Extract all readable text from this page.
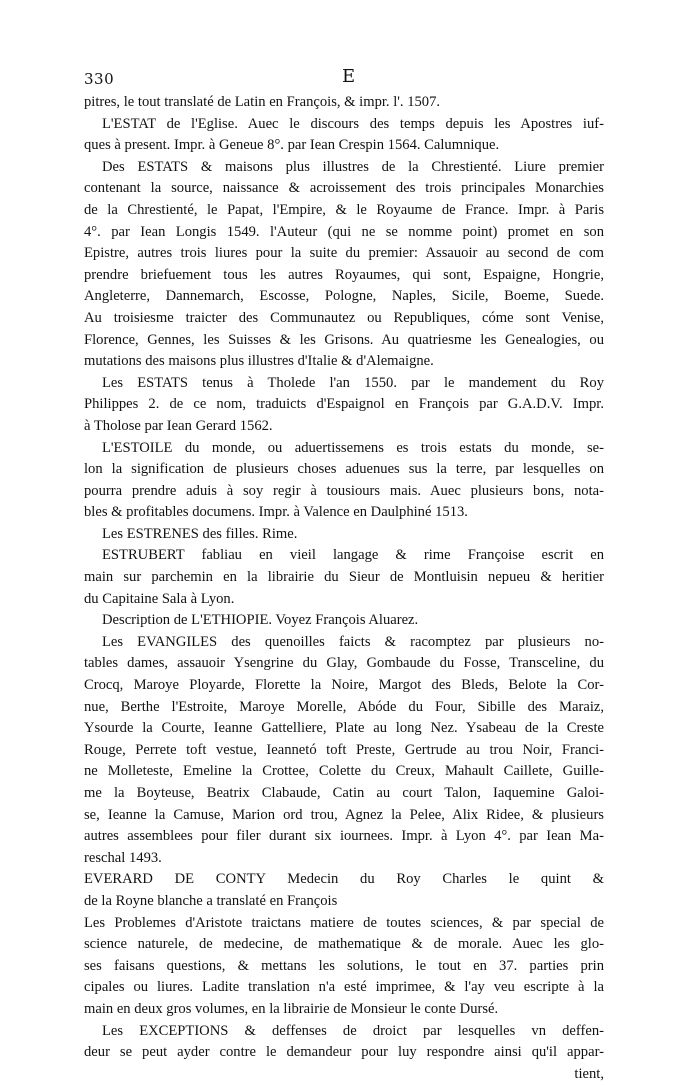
330	E
pitres, le tout translaté de Latin en François, & impr. l'. 1507.
L'ESTAT de l'Eglise. Auec le discours des temps depuis les Apostres iuf-
ques à present. Impr. à Geneue 8°. par Iean Crespin 1564. Calumnique.
Des ESTATS & maisons plus illustres de la Chrestienté. Liure premier
contenant la source, naissance & acroissement des trois principales Monarchies
de la Chrestienté, le Papat, l'Empire, & le Royaume de France. Impr. à Paris
4°. par Iean Longis 1549. l'Auteur (qui ne se nomme point) promet en son
Epistre, autres trois liures pour la suite du premier: Assauoir au second de com
prendre briefuement tous les autres Royaumes, qui sont, Espaigne, Hongrie,
Angleterre, Dannemarch, Escosse, Pologne, Naples, Sicile, Boeme, Suede.
Au troisiesme traicter des Communautez ou Republiques, cóme sont Venise,
Florence, Gennes, les Suisses & les Grisons. Au quatriesme les Genealogies, ou
mutations des maisons plus illustres d'Italie & d'Alemaigne.
Les ESTATS tenus à Tholede l'an 1550. par le mandement du Roy
Philippes 2. de ce nom, traduicts d'Espaignol en François par G.A.D.V. Impr.
à Tholose par Iean Gerard 1562.
L'ESTOILE du monde, ou aduertissemens es trois estats du monde, se-
lon la signification de plusieurs choses aduenues sus la terre, par lesquelles on
pourra prendre aduis à soy regir à tousiours mais. Auec plusieurs bons, nota-
bles & profitables documens. Impr. à Valence en Daulphiné 1513.
Les ESTRENES des filles. Rime.
ESTRUBERT fabliau en vieil langage & rime Françoise escrit en
main sur parchemin en la librairie du Sieur de Montluisin nepueu & heritier
du Capitaine Sala à Lyon.
Description de L'ETHIOPIE. Voyez François Aluarez.
Les EVANGILES des quenoilles faicts & racomptez par plusieurs no-
tables dames, assauoir Ysengrine du Glay, Gombaude du Fosse, Transceline, du
Crocq, Maroye Ployarde, Florette la Noire, Margot des Bleds, Belote la Cor-
nue, Berthe l'Estroite, Maroye Morelle, Abóde du Four, Sibille des Maraiz,
Ysourde la Courte, Ieanne Gattelliere, Plate au long Nez. Ysabeau de la Creste
Rouge, Perrete toft vestue, Ieannetó toft Preste, Gertrude au trou Noir, Franci-
ne Molleteste, Emeline la Crottee, Colette du Creux, Mahault Caillete, Guille-
me la Boyteuse, Beatrix Clabaude, Catin au court Talon, Iaquemine Galoi-
se, Ieanne la Camuse, Marion ord trou, Agnez la Pelee, Alix Ridee, & plusieurs
autres assemblees pour filer durant six iournees. Impr. à Lyon 4°. par Iean Ma-
reschal 1493.
EVERARD DE CONTY Medecin du Roy Charles le quint &
de la Royne blanche a translaté en François
Les Problemes d'Aristote traictans matiere de toutes sciences, & par special de
science naturele, de medecine, de mathematique & de morale. Auec les glo-
ses faisans questions, & mettans les solutions, le tout en 37. parties prin
cipales ou liures. Ladite translation n'a esté imprimee, & l'ay veu escripte à la
main en deux gros volumes, en la librairie de Monsieur le conte Dursé.
Les EXCEPTIONS & deffenses de droict par lesquelles vn deffen-
deur se peut ayder contre le demandeur pour luy respondre ainsi qu'il appar-
tient,
